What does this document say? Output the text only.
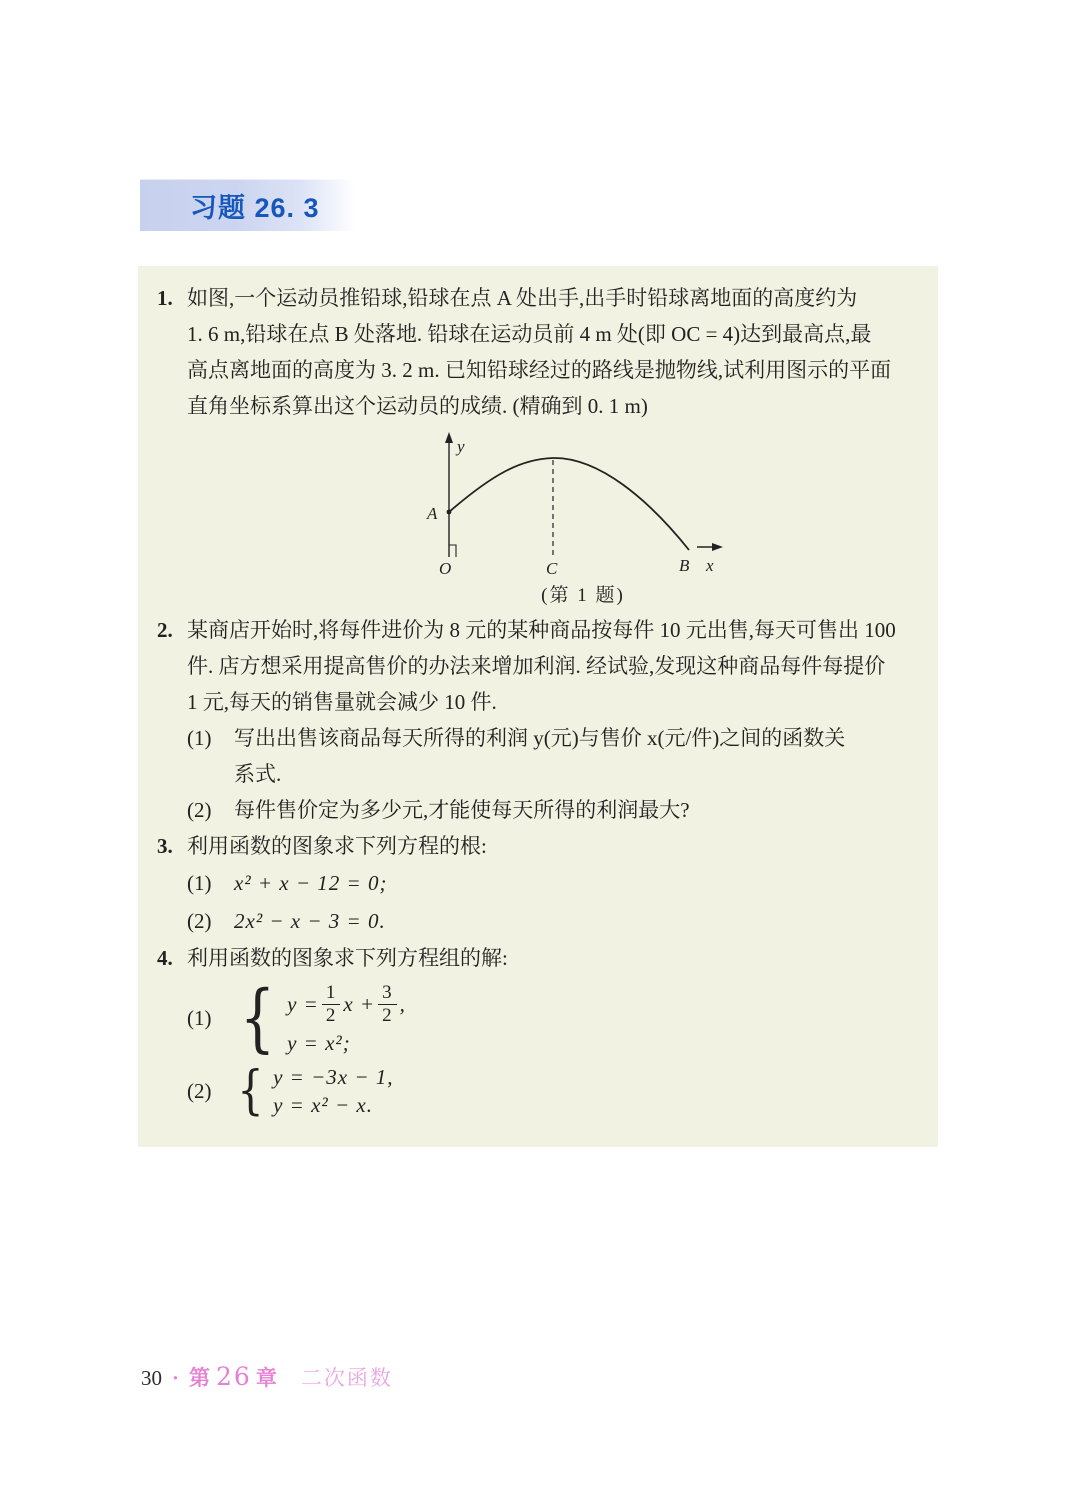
习题 26. 3
1. 如图,一个运动员推铅球,铅球在点 A 处出手,出手时铅球离地面的高度约为
1. 6 m,铅球在点 B 处落地. 铅球在运动员前 4 m 处(即 OC = 4)达到最高点,最
高点离地面的高度为 3. 2 m. 已知铅球经过的路线是抛物线,试利用图示的平面
直角坐标系算出这个运动员的成绩. (精确到 0. 1 m)
y
A
O	C	B x
(第 1 题)
2. 某商店开始时,将每件进价为 8 元的某种商品按每件 10 元出售,每天可售出 100
件. 店方想采用提高售价的办法来增加利润. 经试验,发现这种商品每件每提价
1 元,每天的销售量就会减少 10 件.
(1)	写出出售该商品每天所得的利润 y(元)与售价 x(元/件)之间的函数关
系式.
(2)	每件售价定为多少元,才能使每天所得的利润最大?
3. 利用函数的图象求下列方程的根:
(1)	x² + x − 12 = 0;
(2)	2x² − x − 3 = 0.
4. 利用函数的图象求下列方程组的解:
(1) { $y = \frac{1}{2}$ $x + \frac{3}{2}$ ,
y = x²;
(2) { y = −3x − 1,
y = x² − x.
30 · 第 26 章 二次函数
